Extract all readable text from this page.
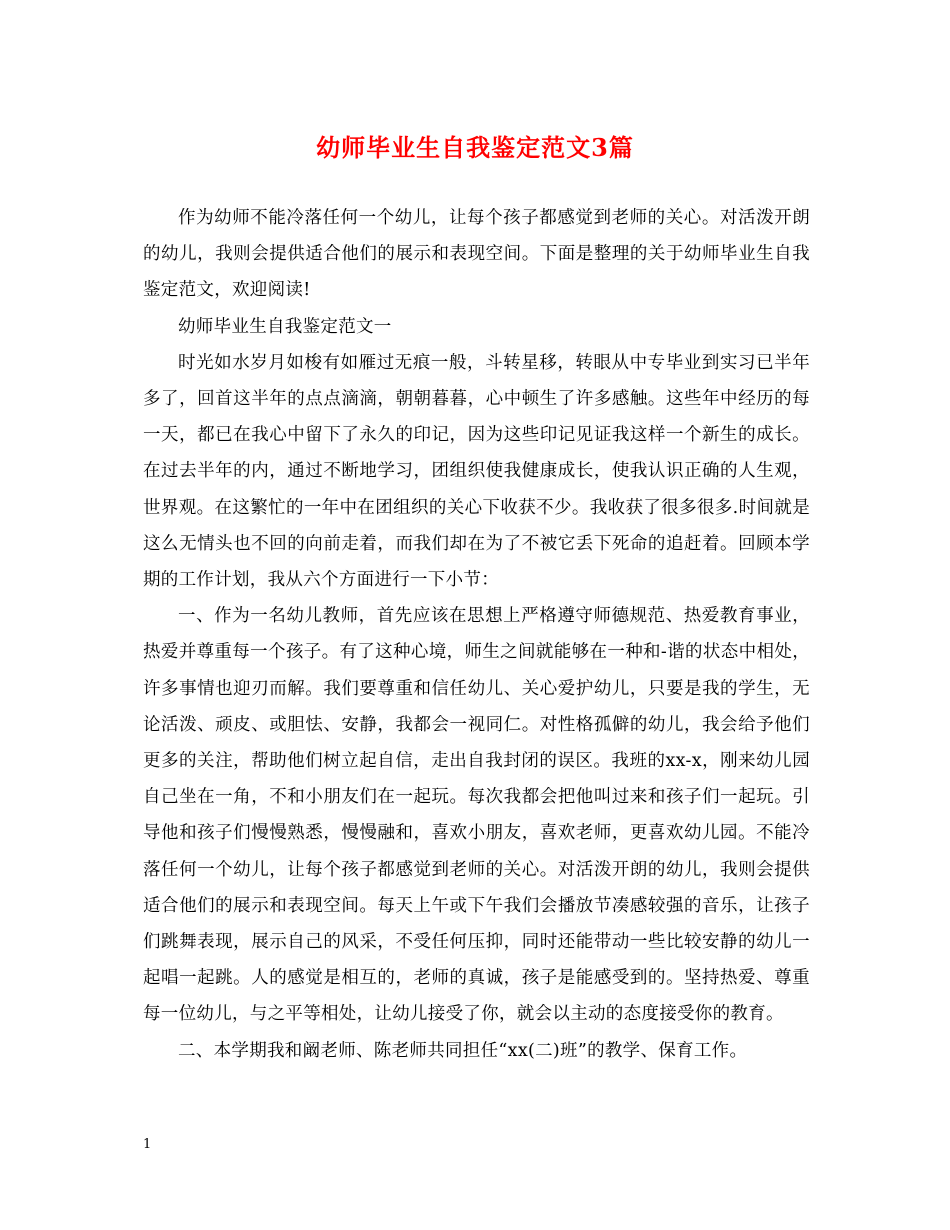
幼师毕业生自我鉴定范文3篇

作为幼师不能冷落任何一个幼儿，让每个孩子都感觉到老师的关心。对活泼开朗的幼儿，我则会提供适合他们的展示和表现空间。下面是整理的关于幼师毕业生自我鉴定范文，欢迎阅读!

幼师毕业生自我鉴定范文一

时光如水岁月如梭有如雁过无痕一般，斗转星移，转眼从中专毕业到实习已半年多了，回首这半年的点点滴滴，朝朝暮暮，心中顿生了许多感触。这些年中经历的每一天，都已在我心中留下了永久的印记，因为这些印记见证我这样一个新生的成长。在过去半年的内，通过不断地学习，团组织使我健康成长，使我认识正确的人生观，世界观。在这繁忙的一年中在团组织的关心下收获不少。我收获了很多很多.时间就是这么无情头也不回的向前走着，而我们却在为了不被它丢下死命的追赶着。回顾本学期的工作计划，我从六个方面进行一下小节：

一、作为一名幼儿教师，首先应该在思想上严格遵守师德规范、热爱教育事业，热爱并尊重每一个孩子。有了这种心境，师生之间就能够在一种和-谐的状态中相处，许多事情也迎刃而解。我们要尊重和信任幼儿、关心爱护幼儿，只要是我的学生，无论活泼、顽皮、或胆怯、安静，我都会一视同仁。对性格孤僻的幼儿，我会给予他们更多的关注，帮助他们树立起自信，走出自我封闭的误区。我班的xx-x，刚来幼儿园自己坐在一角，不和小朋友们在一起玩。每次我都会把他叫过来和孩子们一起玩。引导他和孩子们慢慢熟悉，慢慢融和，喜欢小朋友，喜欢老师，更喜欢幼儿园。不能冷落任何一个幼儿，让每个孩子都感觉到老师的关心。对活泼开朗的幼儿，我则会提供适合他们的展示和表现空间。每天上午或下午我们会播放节凑感较强的音乐，让孩子们跳舞表现，展示自己的风采，不受任何压抑，同时还能带动一些比较安静的幼儿一起唱一起跳。人的感觉是相互的，老师的真诚，孩子是能感受到的。坚持热爱、尊重每一位幼儿，与之平等相处，让幼儿接受了你，就会以主动的态度接受你的教育。

二、本学期我和阚老师、陈老师共同担任“xx(二)班”的教学、保育工作。

1
